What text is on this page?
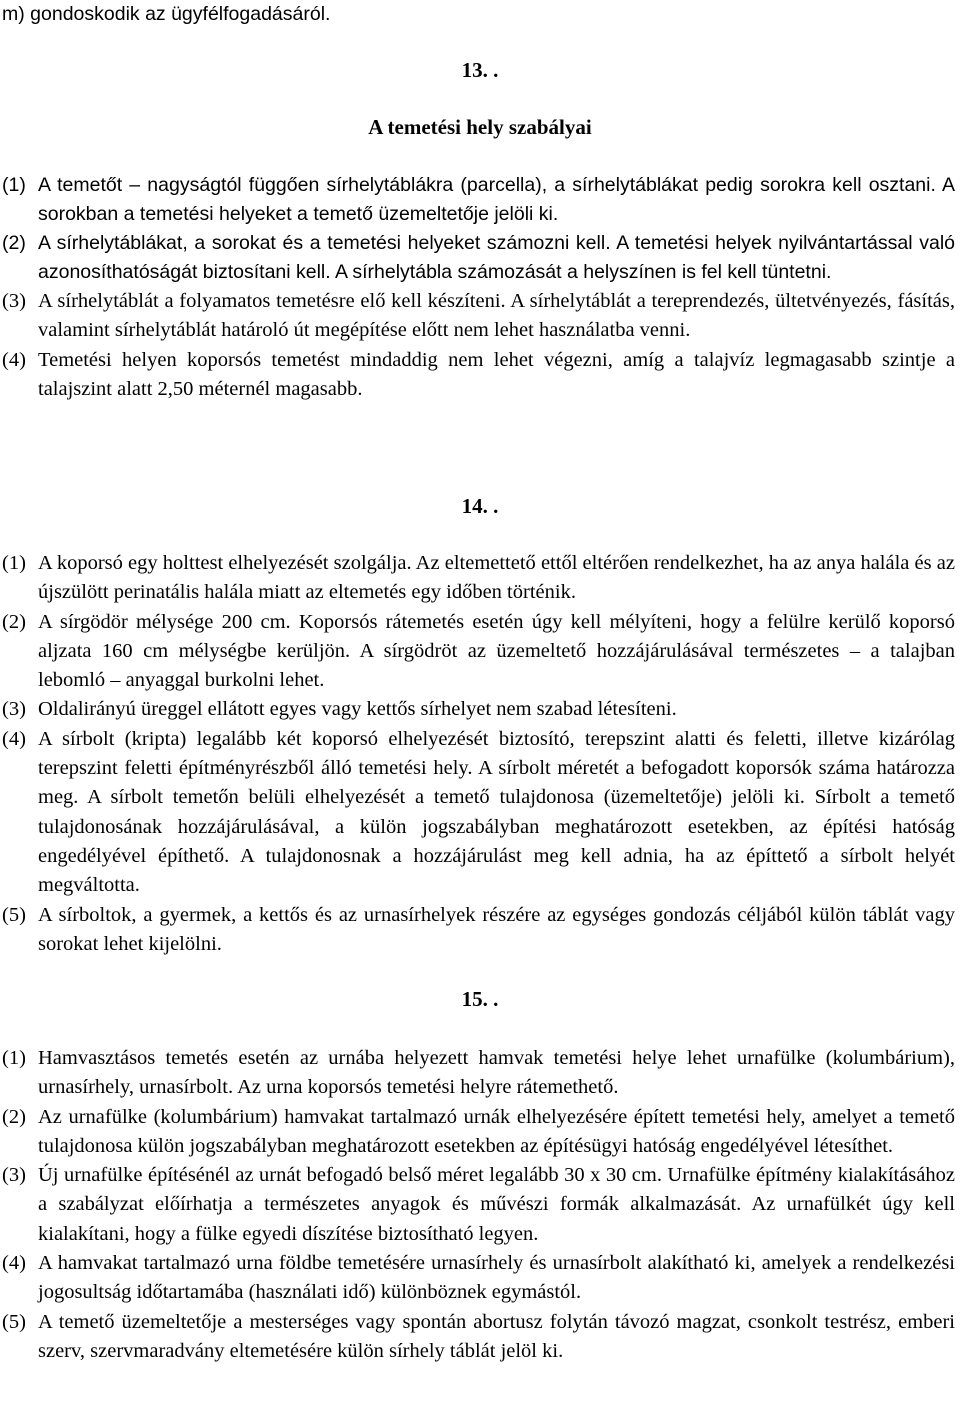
m) gondoskodik az ügyfélfogadásáról.
13. .
A temetési hely szabályai
(1) A temetőt – nagyságtól függően sírhelytáblákra (parcella), a sírhelytáblákat pedig sorokra kell osztani. A sorokban a temetési helyeket a temető üzemeltetője jelöli ki.
(2) A sírhelytáblákat, a sorokat és a temetési helyeket számozni kell. A temetési helyek nyilvántartással való azonosíthatóságát biztosítani kell. A sírhelytábla számozását a helyszínen is fel kell tüntetni.
(3) A sírhelytáblát a folyamatos temetésre elő kell készíteni. A sírhelytáblát a tereprendezés, ültetvényezés, fásítás, valamint sírhelytáblát határoló út megépítése előtt nem lehet használatba venni.
(4) Temetési helyen koporsós temetést mindaddig nem lehet végezni, amíg a talajvíz legmagasabb szintje a talajszint alatt 2,50 méternél magasabb.
14. .
(1) A koporsó egy holttest elhelyezését szolgálja. Az eltemettető ettől eltérően rendelkezhet, ha az anya halála és az újszülött perinatális halála miatt az eltemetés egy időben történik.
(2) A sírgödör mélysége 200 cm. Koporsós rátemetés esetén úgy kell mélyíteni, hogy a felülre kerülő koporsó aljzata 160 cm mélységbe kerüljön. A sírgödröt az üzemeltető hozzájárulásával természetes – a talajban lebomló – anyaggal burkolni lehet.
(3) Oldalirányú üreggel ellátott egyes vagy kettős sírhelyet nem szabad létesíteni.
(4) A sírbolt (kripta) legalább két koporsó elhelyezését biztosító, terepszint alatti és feletti, illetve kizárólag terepszint feletti építményrészből álló temetési hely. A sírbolt méretét a befogadott koporsók száma határozza meg. A sírbolt temetőn belüli elhelyezését a temető tulajdonosa (üzemeltetője) jelöli ki. Sírbolt a temető tulajdonosának hozzájárulásával, a külön jogszabályban meghatározott esetekben, az építési hatóság engedélyével építhető. A tulajdonosnak a hozzájárulást meg kell adnia, ha az építtető a sírbolt helyét megváltotta.
(5) A sírboltok, a gyermek, a kettős és az urnasírhelyek részére az egységes gondozás céljából külön táblát vagy sorokat lehet kijelölni.
15. .
(1) Hamvasztásos temetés esetén az urnába helyezett hamvak temetési helye lehet urnafülke (kolumbárium), urnasírhely, urnasírbolt. Az urna koporsós temetési helyre rátemethető.
(2) Az urnafülke (kolumbárium) hamvakat tartalmazó urnák elhelyezésére épített temetési hely, amelyet a temető tulajdonosa külön jogszabályban meghatározott esetekben az építésügyi hatóság engedélyével létesíthet.
(3) Új urnafülke építésénél az urnát befogadó belső méret legalább 30 x 30 cm. Urnafülke építmény kialakításához a szabályzat előírhatja a természetes anyagok és művészi formák alkalmazását. Az urnafülkét úgy kell kialakítani, hogy a fülke egyedi díszítése biztosítható legyen.
(4) A hamvakat tartalmazó urna földbe temetésére urnasírhely és urnasírbolt alakítható ki, amelyek a rendelkezési jogosultság időtartamába (használati idő) különböznek egymástól.
(5) A temető üzemeltetője a mesterséges vagy spontán abortusz folytán távozó magzat, csonkolt testrész, emberi szerv, szervmaradvány eltemetésére külön sírhely táblát jelöl ki.
